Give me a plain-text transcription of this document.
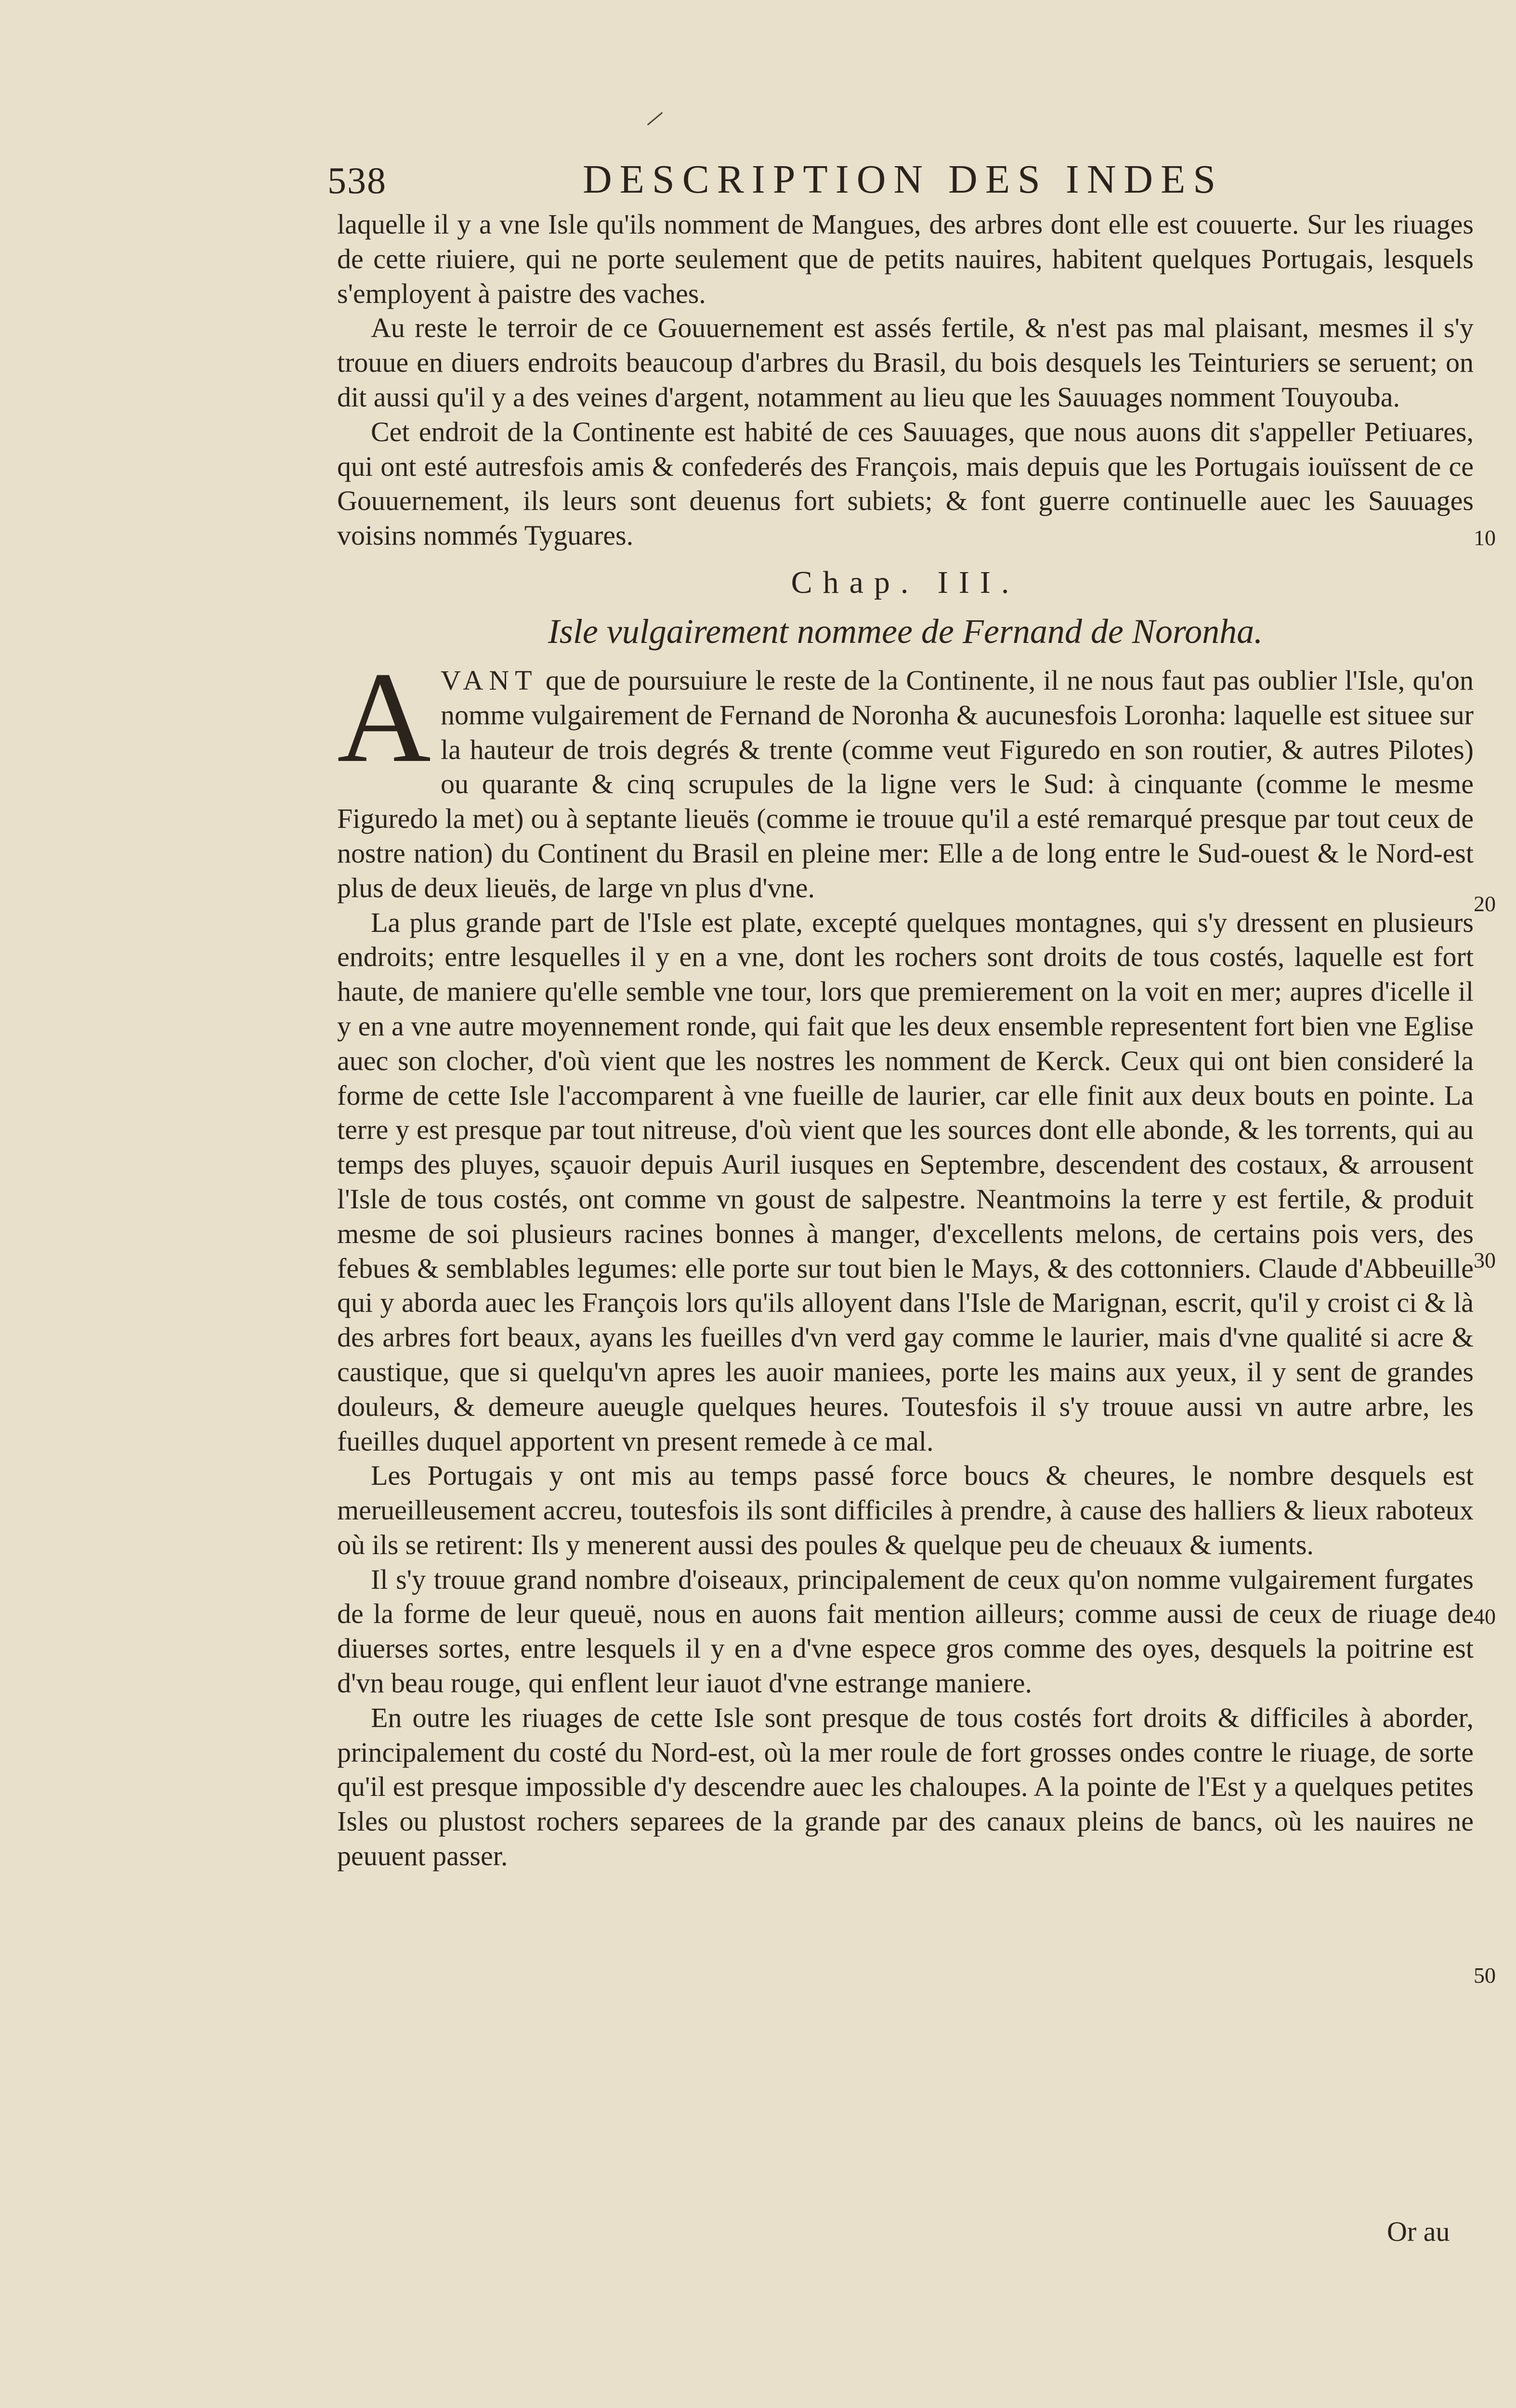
538	DESCRIPTION DES INDES

laquelle il y a vne Isle qu'ils nomment de Mangues, des arbres dont elle est couuerte. Sur les riuages de cette riuiere, qui ne porte seulement que de petits nauires, habitent quelques Portugais, lesquels s'employent à paistre des vaches.

Au reste le terroir de ce Gouuernement est assés fertile, & n'est pas mal plaisant, mesmes il s'y trouue en diuers endroits beaucoup d'arbres du Brasil, du bois desquels les Teinturiers se seruent; on dit aussi qu'il y a des veines d'argent, notamment au lieu que les Sauuages nomment Touyouba.

Cet endroit de la Continente est habité de ces Sauuages, que nous auons dit s'appeller Petiuares, qui ont esté autresfois amis & confederés des François, mais depuis que les Portugais iouïssent de ce Gouuernement, ils leurs sont deuenus fort subiets; & font guerre continuelle auec les Sauuages voisins nommés Tyguares.

Chap. III.
Isle vulgairement nommee de Fernand de Noronha.

AVANT que de poursuiure le reste de la Continente, il ne nous faut pas oublier l'Isle, qu'on nomme vulgairement de Fernand de Noronha & aucunesfois Loronha: laquelle est situee sur la hauteur de trois degrés & trente (comme veut Figuredo en son routier, & autres Pilotes) ou quarante & cinq scrupules de la ligne vers le Sud: à cinquante (comme le mesme Figuredo la met) ou à septante lieuës (comme ie trouue qu'il a esté remarqué presque par tout ceux de nostre nation) du Continent du Brasil en pleine mer: Elle a de long entre le Sud-ouest & le Nord-est plus de deux lieuës, de large vn plus d'vne.

La plus grande part de l'Isle est plate, excepté quelques montagnes, qui s'y dressent en plusieurs endroits; entre lesquelles il y en a vne, dont les rochers sont droits de tous costés, laquelle est fort haute, de maniere qu'elle semble vne tour, lors que premierement on la voit en mer; aupres d'icelle il y en a vne autre moyennement ronde, qui fait que les deux ensemble representent fort bien vne Eglise auec son clocher, d'où vient que les nostres les nomment de Kerck. Ceux qui ont bien consideré la forme de cette Isle l'accomparent à vne fueille de laurier, car elle finit aux deux bouts en pointe. La terre y est presque par tout nitreuse, d'où vient que les sources dont elle abonde, & les torrents, qui au temps des pluyes, sçauoir depuis Auril iusques en Septembre, descendent des costaux, & arrousent l'Isle de tous costés, ont comme vn goust de salpestre. Neantmoins la terre y est fertile, & produit mesme de soi plusieurs racines bonnes à manger, d'excellents melons, de certains pois vers, des febues & semblables legumes: elle porte sur tout bien le Mays, & des cottonniers. Claude d'Abbeuille qui y aborda auec les François lors qu'ils alloyent dans l'Isle de Marignan, escrit, qu'il y croist ci & là des arbres fort beaux, ayans les fueilles d'vn verd gay comme le laurier, mais d'vne qualité si acre & caustique, que si quelqu'vn apres les auoir maniees, porte les mains aux yeux, il y sent de grandes douleurs, & demeure aueugle quelques heures. Toutesfois il s'y trouue aussi vn autre arbre, les fueilles duquel apportent vn present remede à ce mal.

Les Portugais y ont mis au temps passé force boucs & cheures, le nombre desquels est merueilleusement accreu, toutesfois ils sont difficiles à prendre, à cause des halliers & lieux raboteux où ils se retirent: Ils y menerent aussi des poules & quelque peu de cheuaux & iuments.

Il s'y trouue grand nombre d'oiseaux, principalement de ceux qu'on nomme vulgairement furgates de la forme de leur queuë, nous en auons fait mention ailleurs; comme aussi de ceux de riuage de diuerses sortes, entre lesquels il y en a d'vne espece gros comme des oyes, desquels la poitrine est d'vn beau rouge, qui enflent leur iauot d'vne estrange maniere.

En outre les riuages de cette Isle sont presque de tous costés fort droits & difficiles à aborder, principalement du costé du Nord-est, où la mer roule de fort grosses ondes contre le riuage, de sorte qu'il est presque impossible d'y descendre auec les chaloupes. A la pointe de l'Est y a quelques petites Isles ou plustost rochers separees de la grande par des canaux pleins de bancs, où les nauires ne peuuent passer.

10
20
30
40
50
Or au
